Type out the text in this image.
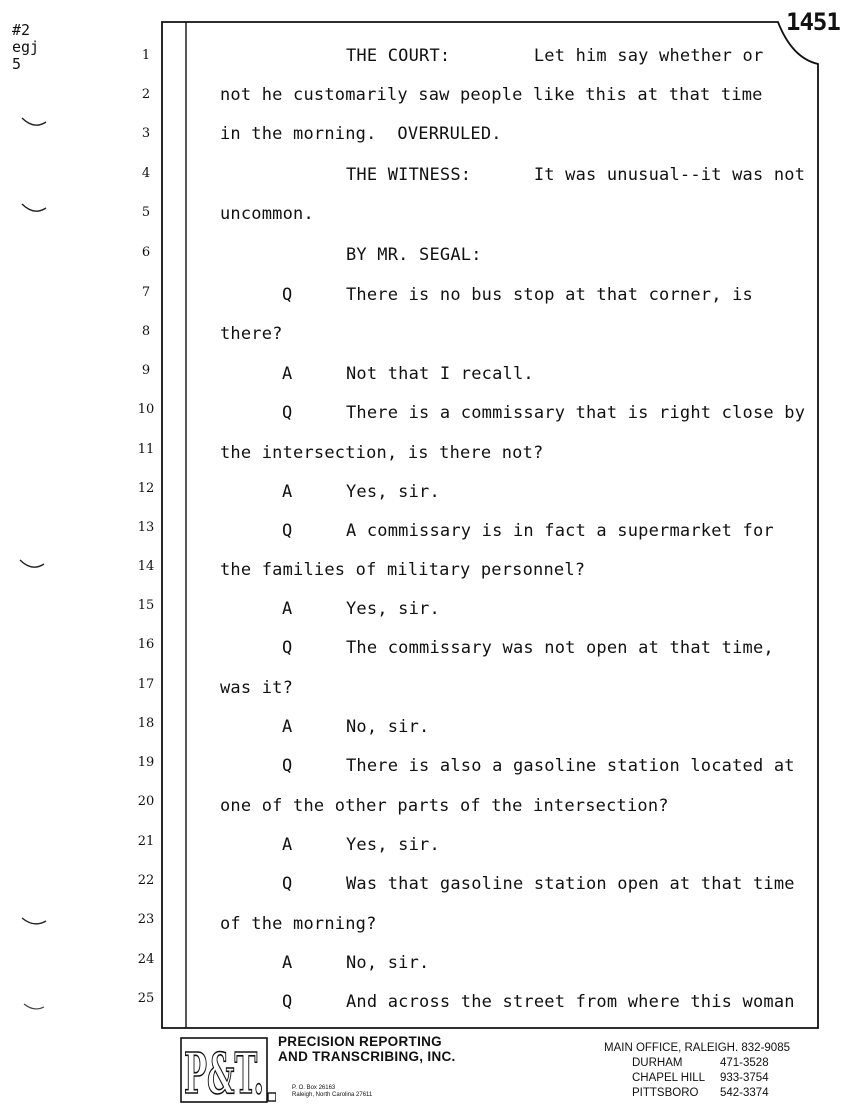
#2
egj
5
1451
1
2
3
4
5
6
7
8
9
10
11
12
13
14
15
16
17
18
19
20
21
22
23
24
25
THE COURT:        Let him say whether or
not he customarily saw people like this at that time
in the morning.  OVERRULED.
THE WITNESS:      It was unusual--it was not
uncommon.
BY MR. SEGAL:
Q	There is no bus stop at that corner, is
there?
A	Not that I recall.
Q	There is a commissary that is right close by
the intersection, is there not?
A	Yes, sir.
Q	A commissary is in fact a supermarket for
the families of military personnel?
A	Yes, sir.
Q	The commissary was not open at that time,
was it?
A	No, sir.
Q	There is also a gasoline station located at
one of the other parts of the intersection?
A	Yes, sir.
Q	Was that gasoline station open at that time
of the morning?
A	No, sir.
Q	And across the street from where this woman
P&T. PRECISION REPORTING
AND TRANSCRIBING, INC.
P. O. Box 26163
Raleigh, North Carolina 27611
MAIN OFFICE, RALEIGH. 832-9085
DURHAM	471-3528
CHAPEL HILL 933-3754
PITTSBORO 542-3374
